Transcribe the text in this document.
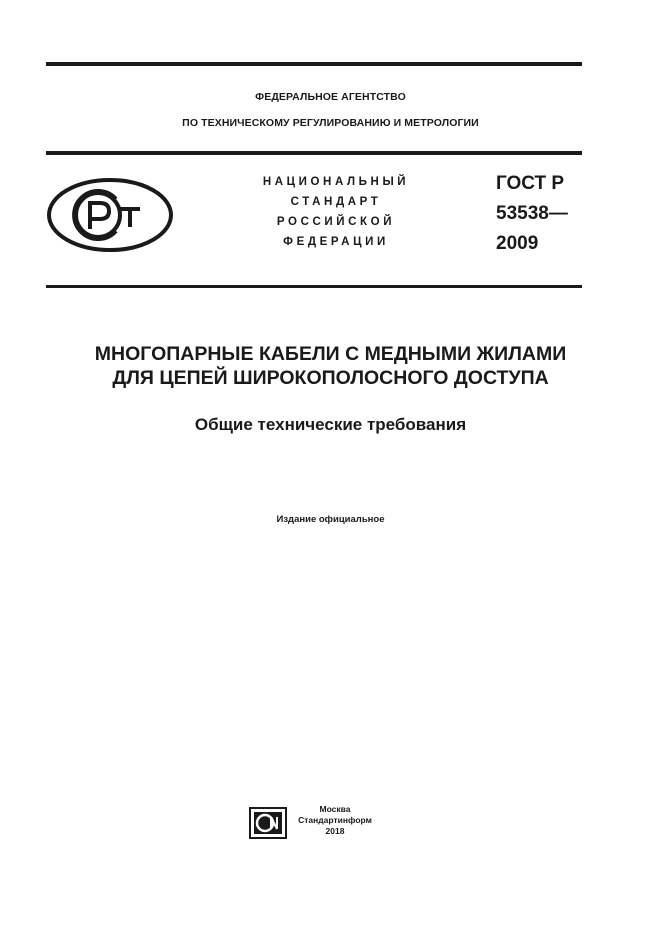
ФЕДЕРАЛЬНОЕ АГЕНТСТВО
ПО ТЕХНИЧЕСКОМУ РЕГУЛИРОВАНИЮ И МЕТРОЛОГИИ
НАЦИОНАЛЬНЫЙ
СТАНДАРТ
РОССИЙСКОЙ
ФЕДЕРАЦИИ
ГОСТ Р
53538—
2009
МНОГОПАРНЫЕ КАБЕЛИ С МЕДНЫМИ ЖИЛАМИ
ДЛЯ ЦЕПЕЙ ШИРОКОПОЛОСНОГО ДОСТУПА
Общие технические требования
Издание официальное
Москва
Стандартинформ
2018
